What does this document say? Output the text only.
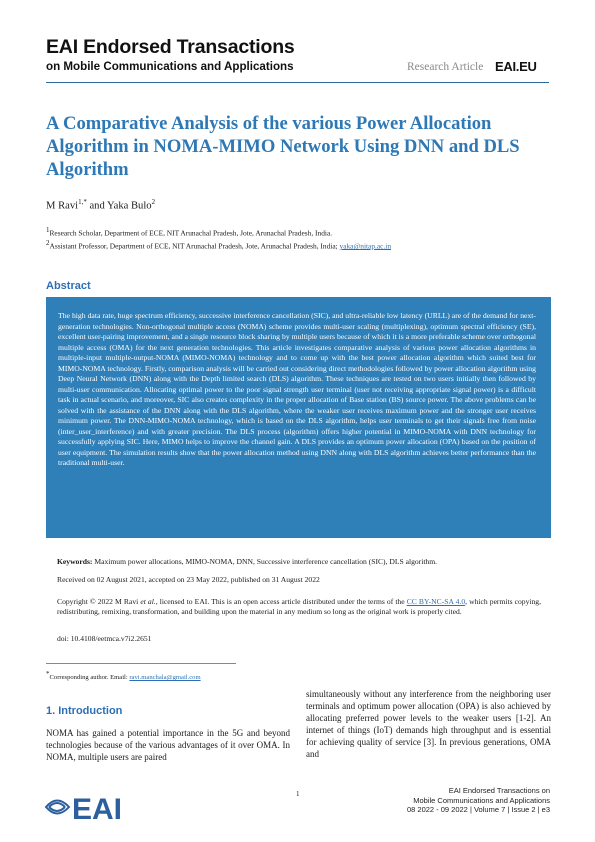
EAI Endorsed Transactions
on Mobile Communications and Applications	Research Article EAI.EU
A Comparative Analysis of the various Power Allocation Algorithm in NOMA-MIMO Network Using DNN and DLS Algorithm
M Ravi$^{1,*}$ and Yaka Bulo$^2$
$^1$Research Scholar, Department of ECE, NIT Arunachal Pradesh, Jote, Arunachal Pradesh, India.
$^2$Assistant Professor, Department of ECE, NIT Arunachal Pradesh, Jote, Arunachal Pradesh, India; yaka@nitap.ac.in
Abstract
The high data rate, huge spectrum efficiency, successive interference cancellation (SIC), and ultra-reliable low latency (URLL) are of the demand for next-generation technologies. Non-orthogonal multiple access (NOMA) scheme provides multi-user scaling (multiplexing), optimum spectral efficiency (SE), excellent user-pairing improvement, and a single resource block sharing by multiple users because of which it is a more preferable scheme over orthogonal multiple access (OMA) for the next generation technologies. This article investigates comparative analysis of various power allocation algorithms in multiple-input multiple-output-NOMA (MIMO-NOMA) technology and to come up with the best power allocation algorithm which suited best for MIMO-NOMA technology. Firstly, comparison analysis will be carried out considering direct methodologies followed by power allocation algorithm using Deep Neural Network (DNN) along with the Depth limited search (DLS) algorithm. These techniques are tested on two users initially then followed by multi-user communication. Allocating optimal power to the poor signal strength user terminal (user not receiving appropriate signal power) is a difficult task in actual scenario, and moreover, SIC also creates complexity in the proper allocation of Base station (BS) source power. The above problems can be solved with the assistance of the DNN along with the DLS algorithm, where the weaker user receives maximum power and the stronger user receives minimum power. The DNN-MIMO-NOMA technology, which is based on the DLS algorithm, helps user terminals to get their signals free from noise (inter_user_interference) and with greater precision. The DLS process (algorithm) offers higher potential in MIMO-NOMA with DNN technology for successfully applying SIC. Here, MIMO helps to improve the channel gain. A DLS provides an optimum power allocation (OPA) based on the position of user equipment. The simulation results show that the power allocation method using DNN along with DLS algorithm achieves better performance than the traditional multi-user.
Keywords: Maximum power allocations, MIMO-NOMA, DNN, Successive interference cancellation (SIC), DLS algorithm.
Received on 02 August 2021, accepted on 23 May 2022, published on 31 August 2022
Copyright © 2022 M Ravi et al., licensed to EAI. This is an open access article distributed under the terms of the CC BY-NC-SA 4.0, which permits copying, redistributing, remixing, transformation, and building upon the material in any medium so long as the original work is properly cited.
doi: 10.4108/eetmca.v7i2.2651
*Corresponding author. Email: ravi.manchala@gmail.com
1. Introduction
NOMA has gained a potential importance in the 5G and beyond technologies because of the various advantages of it over OMA. In NOMA, multiple users are paired
simultaneously without any interference from the neighboring user terminals and optimum power allocation (OPA) is also achieved by allocating preferred power levels to the weaker users [1-2]. An internet of things (IoT) demands high throughput and is essential for achieving quality of service [3]. In previous generations, OMA and
EAI	1	EAI Endorsed Transactions on
Mobile Communications and Applications
08 2022 - 09 2022 | Volume 7 | Issue 2 | e3
